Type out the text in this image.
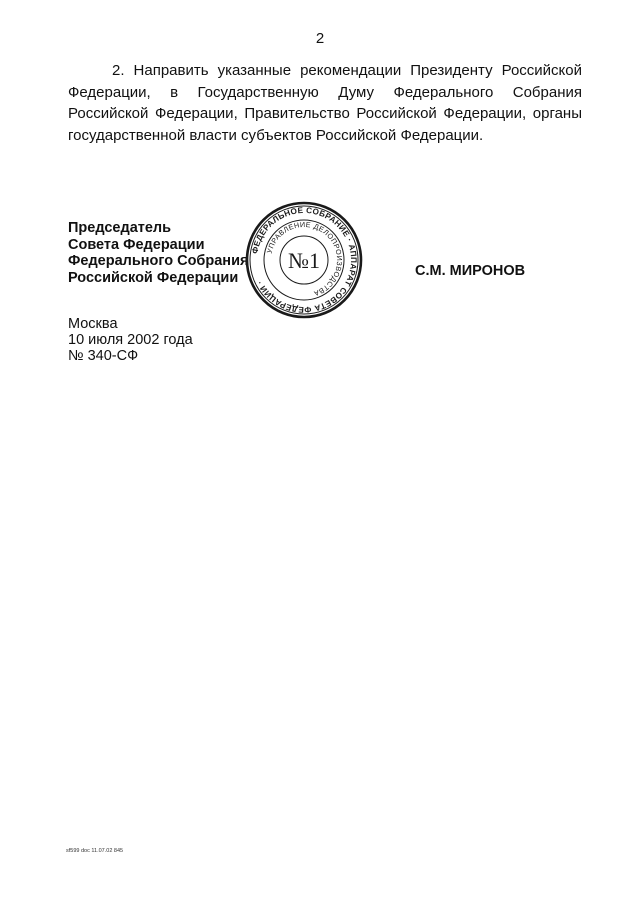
2

2. Направить указанные рекомендации Президенту Российской Федерации, в Государственную Думу Федерального Собрания Российской Федерации, Правительство Российской Федерации, органы государственной власти субъектов Российской Федерации.

Председатель
Совета Федерации
Федерального Собрания
Российской Федерации
ФЕДЕРАЛЬНОЕ СОБРАНИЕ · АППАРАТ СОВЕТА ФЕДЕРАЦИИ ·
УПРАВЛЕНИЕ ДЕЛОПРОИЗВОДСТВА
№1	С.М. МИРОНОВ
Москва
10 июля 2002 года
№ 340-СФ
sf599 doc 11.07.02 845
